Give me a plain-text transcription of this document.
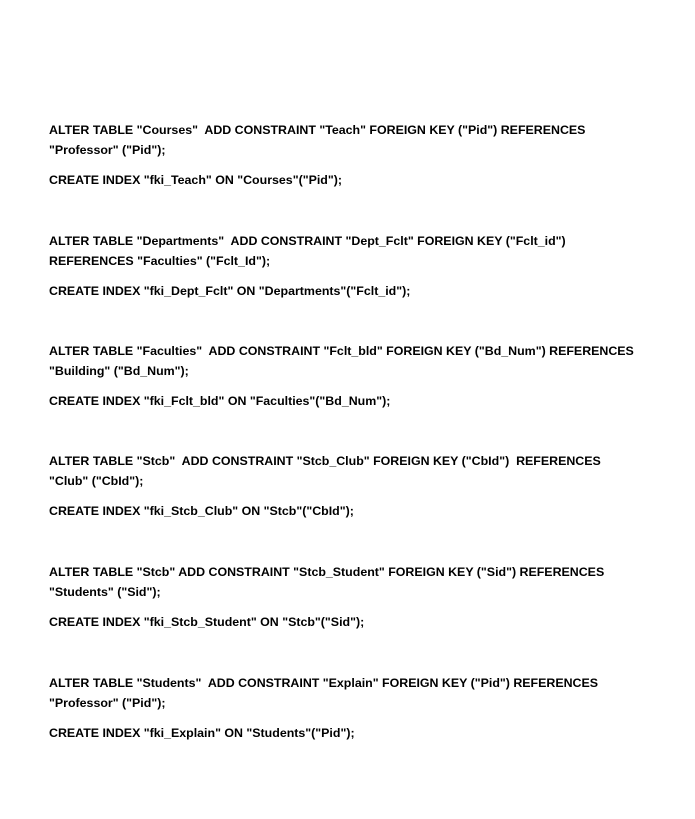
ALTER TABLE "Courses"  ADD CONSTRAINT "Teach" FOREIGN KEY ("Pid") REFERENCES
"Professor" ("Pid");

CREATE INDEX "fki_Teach" ON "Courses"("Pid");

ALTER TABLE "Departments"  ADD CONSTRAINT "Dept_Fclt" FOREIGN KEY ("Fclt_id")
REFERENCES "Faculties" ("Fclt_Id");

CREATE INDEX "fki_Dept_Fclt" ON "Departments"("Fclt_id");

ALTER TABLE "Faculties"  ADD CONSTRAINT "Fclt_bld" FOREIGN KEY ("Bd_Num") REFERENCES
"Building" ("Bd_Num");

CREATE INDEX "fki_Fclt_bld" ON "Faculties"("Bd_Num");

ALTER TABLE "Stcb"  ADD CONSTRAINT "Stcb_Club" FOREIGN KEY ("CbId")  REFERENCES
"Club" ("CbId");

CREATE INDEX "fki_Stcb_Club" ON "Stcb"("CbId");

ALTER TABLE "Stcb" ADD CONSTRAINT "Stcb_Student" FOREIGN KEY ("Sid") REFERENCES
"Students" ("Sid");

CREATE INDEX "fki_Stcb_Student" ON "Stcb"("Sid");

ALTER TABLE "Students"  ADD CONSTRAINT "Explain" FOREIGN KEY ("Pid") REFERENCES
"Professor" ("Pid");

CREATE INDEX "fki_Explain" ON "Students"("Pid");
